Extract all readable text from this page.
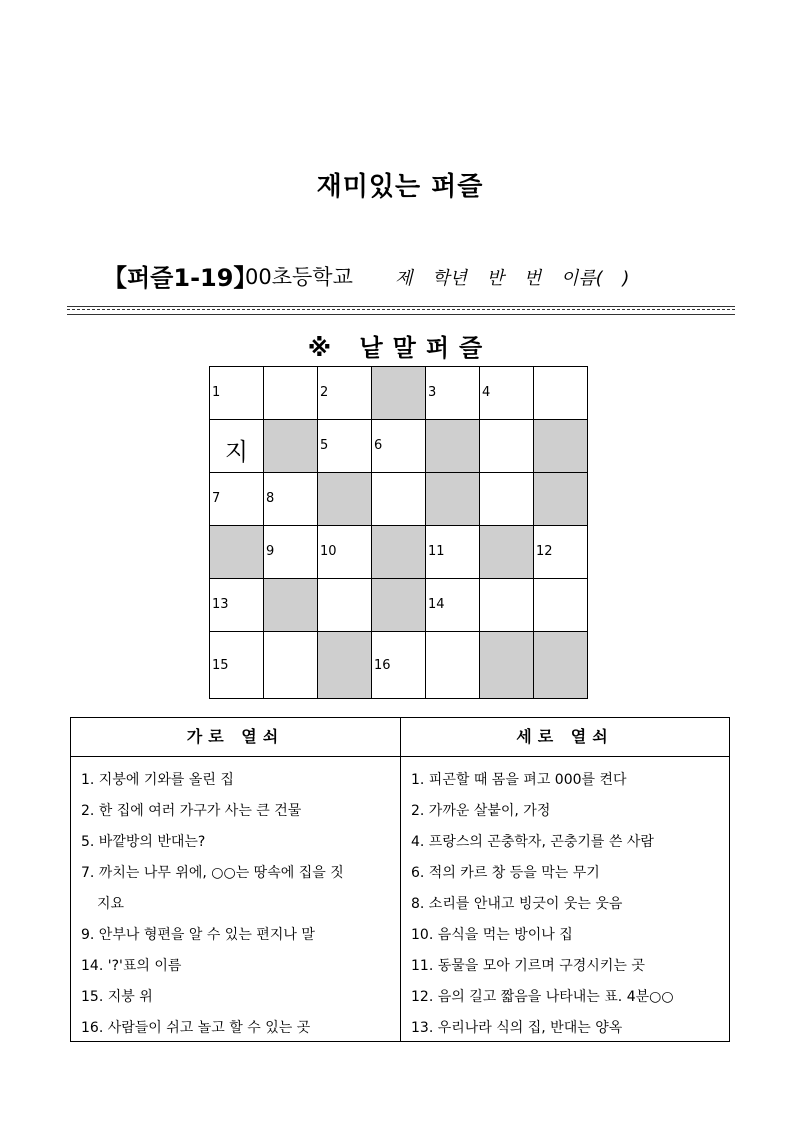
재미있는 퍼즐
【퍼즐1-19】
00초등학교 제 학년 반 번 이름( )
※ 낱말퍼즐
1		2		3	4	

지		5	6			

7	8					

	9	10		11		12

13				14		

15			16			

가로 열쇠
1. 지붕에 기와를 올린 집
2. 한 집에 여러 가구가 사는 큰 건물
5. 바깥방의 반대는?
7. 까치는 나무 위에, ○○는 땅속에 집을 짓
지요
9. 안부나 형편을 알 수 있는 편지나 말
14. '?'표의 이름
15. 지붕 위
16. 사람들이 쉬고 놀고 할 수 있는 곳
세로 열쇠
1. 피곤할 때 몸을 펴고 000를 켠다
2. 가까운 살붙이, 가정
4. 프랑스의 곤충학자, 곤충기를 쓴 사람
6. 적의 카르 창 등을 막는 무기
8. 소리를 안내고 빙긋이 웃는 웃음
10. 음식을 먹는 방이나 집
11. 동물을 모아 기르며 구경시키는 곳
12. 음의 길고 짧음을 나타내는 표. 4분○○
13. 우리나라 식의 집, 반대는 양옥
